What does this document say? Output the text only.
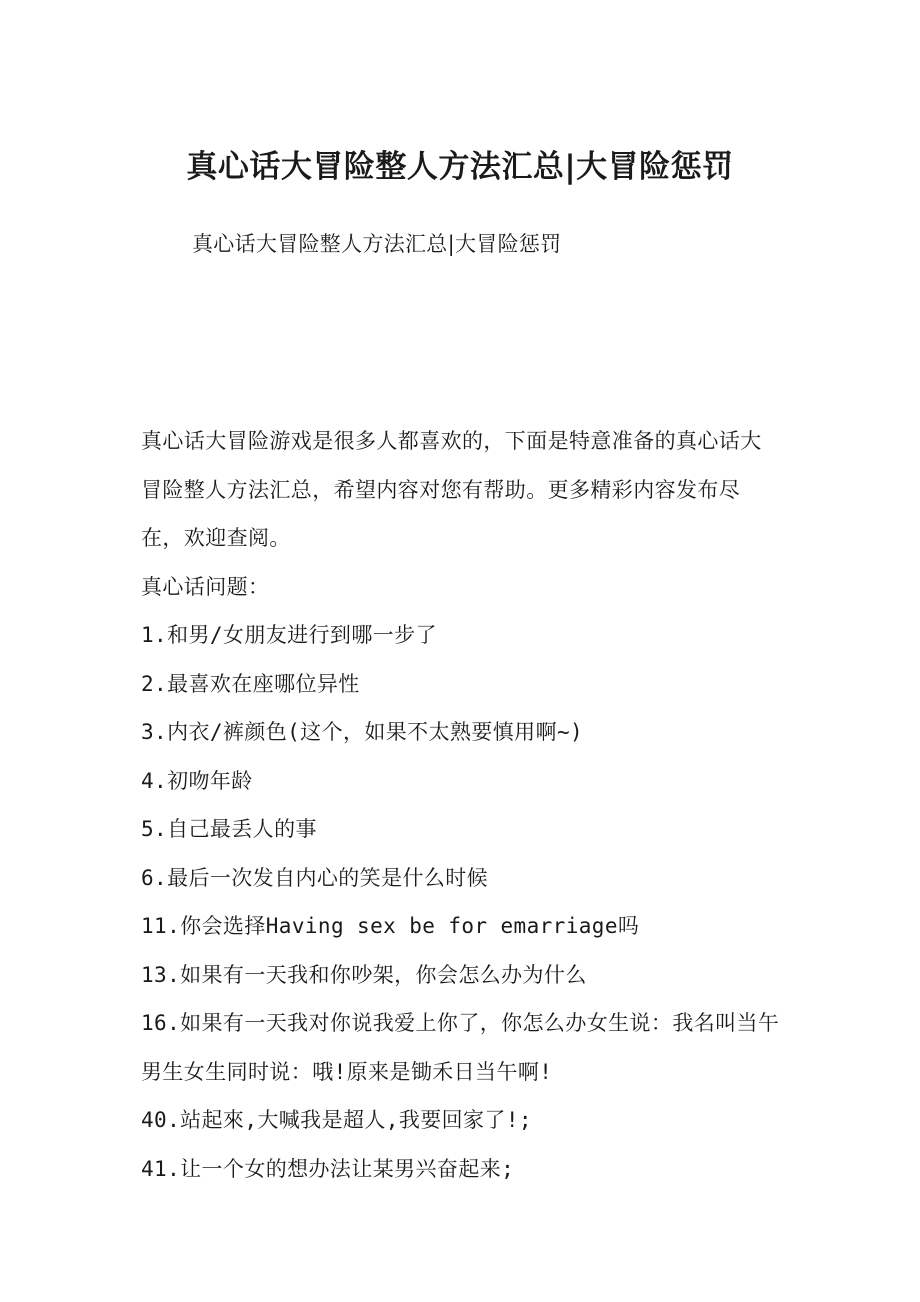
真心话大冒险整人方法汇总|大冒险惩罚

真心话大冒险整人方法汇总|大冒险惩罚

真心话大冒险游戏是很多人都喜欢的，下面是特意准备的真心话大冒险整人方法汇总，希望内容对您有帮助。更多精彩内容发布尽在，欢迎查阅。

真心话问题：

1.和男/女朋友进行到哪一步了

2.最喜欢在座哪位异性

3.内衣/裤颜色(这个，如果不太熟要慎用啊~)

4.初吻年龄

5.自己最丢人的事

6.最后一次发自内心的笑是什么时候

11.你会选择Having sex be for emarriage吗

13.如果有一天我和你吵架，你会怎么办为什么

16.如果有一天我对你说我爱上你了，你怎么办女生说：我名叫当午男生女生同时说：哦!原来是锄禾日当午啊!

40.站起來,大喊我是超人,我要回家了!;

41.让一个女的想办法让某男兴奋起来;
